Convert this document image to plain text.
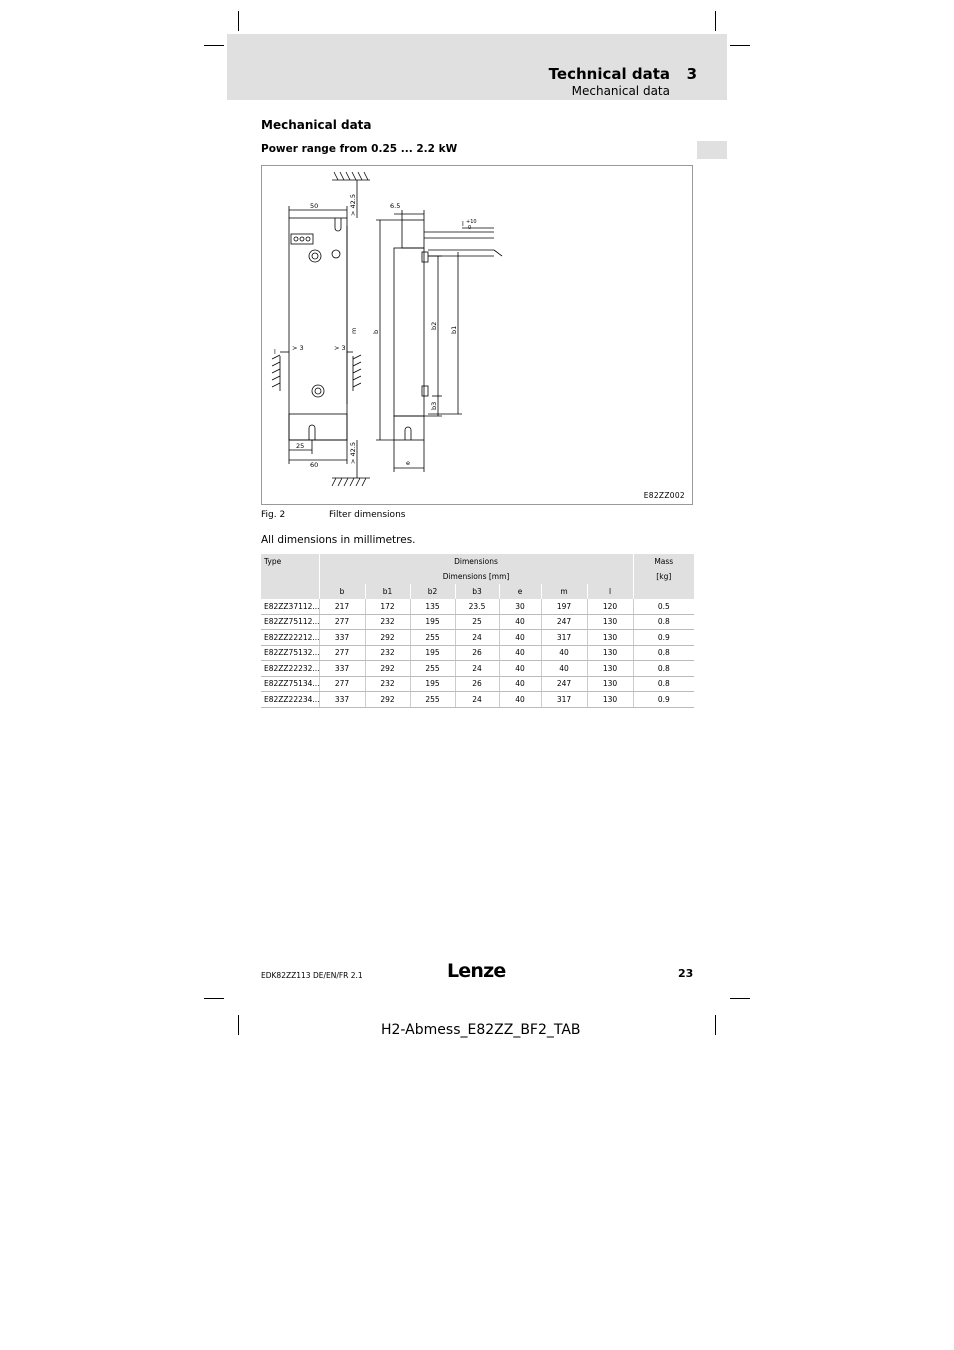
Technical data 3
Mechanical data
Mechanical data
Power range from 0.25 ... 2.2 kW
50
60
25
> 3	> 3
> 42.5
> 42.5
m b
b2 b1
b3
e
6.5
l
l +10
0
E82ZZ002
Fig. 2	Filter dimensions
All dimensions in millimetres.
Type	Dimensions							Mass
	Dimensions [mm]							[kg]
	b	b1	b2	b3	e	m	l	
E82ZZ37112...	217	172	135	23.5	30	197	120	0.5
E82ZZ75112...	277	232	195	25	40	247	130	0.8
E82ZZ22212...	337	292	255	24	40	317	130	0.9
E82ZZ75132...	277	232	195	26	40	40	130	0.8
E82ZZ22232...	337	292	255	24	40	40	130	0.8
E82ZZ75134...	277	232	195	26	40	247	130	0.8
E82ZZ22234...	337	292	255	24	40	317	130	0.9
EDK82ZZ113 DE/EN/FR 2.1	Lenze	23
H2-Abmess_E82ZZ_BF2_TAB
